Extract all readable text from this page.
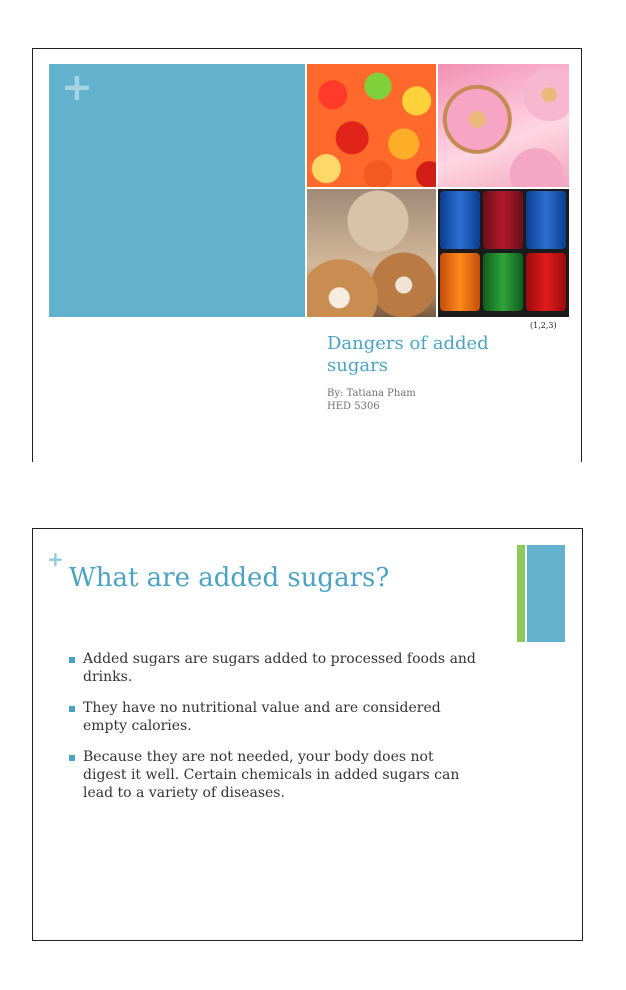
+
(1,2,3)
Dangers of added sugars
By: Tatiana Pham
HED 5306
+
What are added sugars?
Added sugars are sugars added to processed foods and drinks.
They have no nutritional value and are considered empty calories.
Because they are not needed, your body does not digest it well. Certain chemicals in added sugars can lead to a variety of diseases.
